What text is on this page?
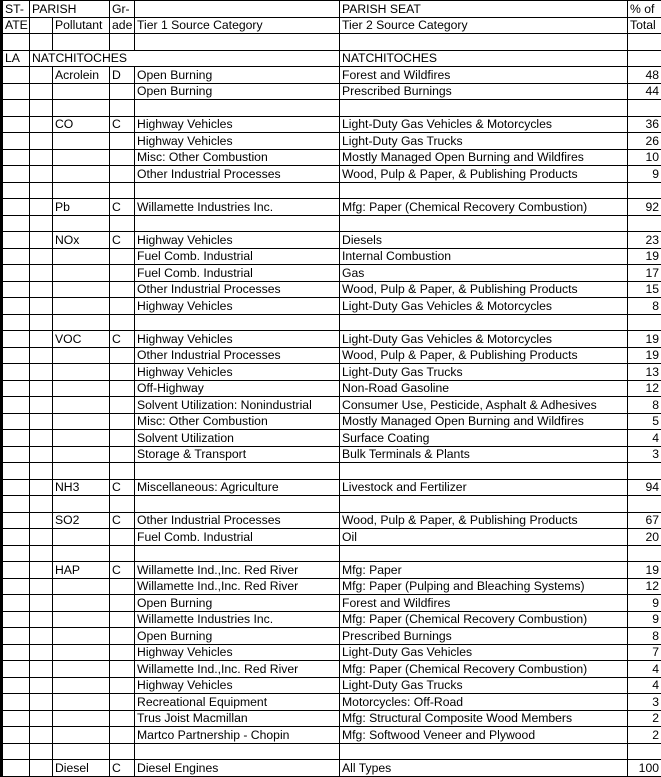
ST-	PARISH		Gr-		PARISH SEAT	% of
ATE		Pollutant	ade	Tier 1 Source Category	Tier 2 Source Category	Total

LA	NATCHITOCHES				NATCHITOCHES	
		Acrolein	D	Open Burning	Forest and Wildfires	48
				Open Burning	Prescribed Burnings	44

		CO	C	Highway Vehicles	Light-Duty Gas Vehicles & Motorcycles	36
				Highway Vehicles	Light-Duty Gas Trucks	26
				Misc: Other Combustion	Mostly Managed Open Burning and Wildfires	10
				Other Industrial Processes	Wood, Pulp & Paper, & Publishing Products	9

		Pb	C	Willamette Industries Inc.	Mfg: Paper (Chemical Recovery Combustion)	92

		NOx	C	Highway Vehicles	Diesels	23
				Fuel Comb. Industrial	Internal Combustion	19
				Fuel Comb. Industrial	Gas	17
				Other Industrial Processes	Wood, Pulp & Paper, & Publishing Products	15
				Highway Vehicles	Light-Duty Gas Vehicles & Motorcycles	8

		VOC	C	Highway Vehicles	Light-Duty Gas Vehicles & Motorcycles	19
				Other Industrial Processes	Wood, Pulp & Paper, & Publishing Products	19
				Highway Vehicles	Light-Duty Gas Trucks	13
				Off-Highway	Non-Road Gasoline	12
				Solvent Utilization: Nonindustrial	Consumer Use, Pesticide, Asphalt & Adhesives	8
				Misc: Other Combustion	Mostly Managed Open Burning and Wildfires	5
				Solvent Utilization	Surface Coating	4
				Storage & Transport	Bulk Terminals & Plants	3

		NH3	C	Miscellaneous: Agriculture	Livestock and Fertilizer	94

		SO2	C	Other Industrial Processes	Wood, Pulp & Paper, & Publishing Products	67
				Fuel Comb. Industrial	Oil	20

		HAP	C	Willamette Ind.,Inc. Red River	Mfg: Paper	19
				Willamette Ind.,Inc. Red River	Mfg: Paper (Pulping and Bleaching Systems)	12
				Open Burning	Forest and Wildfires	9
				Willamette Industries Inc.	Mfg: Paper (Chemical Recovery Combustion)	9
				Open Burning	Prescribed Burnings	8
				Highway Vehicles	Light-Duty Gas Vehicles	7
				Willamette Ind.,Inc. Red River	Mfg: Paper (Chemical Recovery Combustion)	4
				Highway Vehicles	Light-Duty Gas Trucks	4
				Recreational Equipment	Motorcycles: Off-Road	3
				Trus Joist Macmillan	Mfg: Structural Composite Wood Members	2
				Martco Partnership - Chopin	Mfg: Softwood Veneer and Plywood	2

		Diesel	C	Diesel Engines	All Types	100
